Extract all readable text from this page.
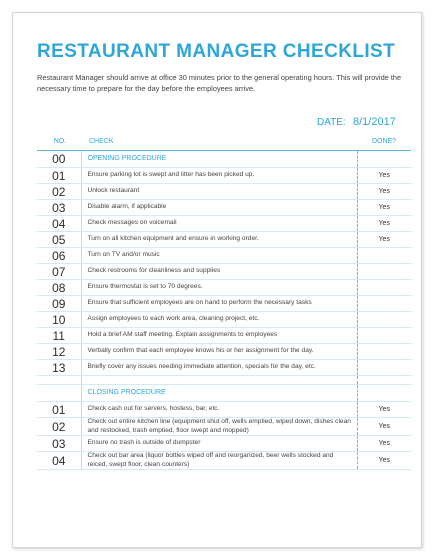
RESTAURANT MANAGER CHECKLIST
Restaurant Manager should arrive at office 30 minutes prior to the general operating hours. This will provide the necessary time to prepare for the day before the employees arrive.
DATE: 8/1/2017
NO.	CHECK	DONE?
00	OPENING PROCEDURE	
01	Ensure parking lot is swept and litter has been picked up.	Yes
02	Unlock restaurant	Yes
03	Disable alarm, if applicable	Yes
04	Check messages on voicemail	Yes
05	Turn on all kitchen equipment and ensure in working order.	Yes
06	Turn on TV and/or music	
07	Check restrooms for cleanliness and supplies	
08	Ensure thermostat is set to 70 degrees.	
09	Ensure that sufficient employees are on hand to perform the necessary tasks	
10	Assign employees to each work area, cleaning project, etc.	
11	Hold a brief AM staff meeting. Explain assignments to employees	
12	Verbally confirm that each employee knows his or her assignment for the day.	
13	Briefly cover any issues needing immediate attention, specials for the day, etc.	

	CLOSING PROCEDURE	
01	Check cash out for servers, hostess, bar, etc.	Yes
02	Check out entire kitchen line (equipment shut off, wells emptied, wiped down, dishes clean and restocked, trash emptied, floor swept and mopped)	Yes
03	Ensure no trash is outside of dumpster	Yes
04	Check out bar area (liquor bottles wiped off and reorganized, beer wells stocked and reiced, swept floor, clean counters)	Yes
